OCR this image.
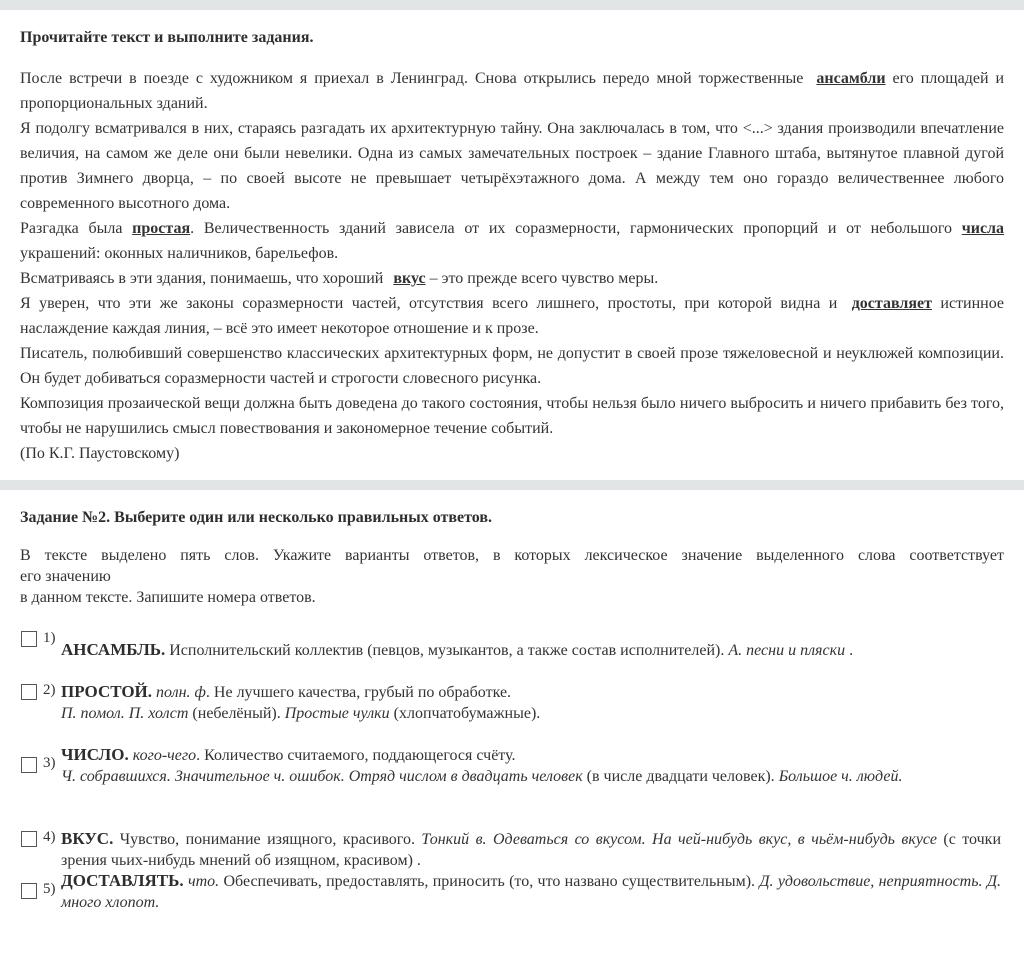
Прочитайте текст и выполните задания.

После встречи в поезде с художником я приехал в Ленинград. Снова открылись передо мной торжественные ансамбли его площадей и пропорциональных зданий.

Я подолгу всматривался в них, стараясь разгадать их архитектурную тайну. Она заключалась в том, что <...> здания производили впечатление величия, на самом же деле они были невелики. Одна из самых замечательных построек – здание Главного штаба, вытянутое плавной дугой против Зимнего дворца, – по своей высоте не превышает четырёхэтажного дома. А между тем оно гораздо величественнее любого современного высотного дома.

Разгадка была простая. Величественность зданий зависела от их соразмерности, гармонических пропорций и от небольшого числа украшений: оконных наличников, барельефов.

Всматриваясь в эти здания, понимаешь, что хороший вкус – это прежде всего чувство меры.

Я уверен, что эти же законы соразмерности частей, отсутствия всего лишнего, простоты, при которой видна и доставляет истинное наслаждение каждая линия, – всё это имеет некоторое отношение и к прозе.

Писатель, полюбивший совершенство классических архитектурных форм, не допустит в своей прозе тяжеловесной и неуклюжей композиции. Он будет добиваться соразмерности частей и строгости словесного рисунка.

Композиция прозаической вещи должна быть доведена до такого состояния, чтобы нельзя было ничего выбросить и ничего прибавить без того, чтобы не нарушились смысл повествования и закономерное течение событий.

(По К.Г. Паустовскому)

Задание №2. Выберите один или несколько правильных ответов.
В тексте выделено пять слов. Укажите варианты ответов, в которых лексическое значение выделенного слова соответствует
его значению
в данном тексте. Запишите номера ответов.
1)
АНСАМБЛЬ. Исполнительский коллектив (певцов, музыкантов, а также состав исполнителей). А. песни и пляски .
2) ПРОСТОЙ. полн. ф. Не лучшего качества, грубый по обработке.
П. помол. П. холст (небелёный). Простые чулки (хлопчатобумажные).
3) ЧИСЛО. кого-чего. Количество считаемого, поддающегося счёту.
Ч. собравшихся. Значительное ч. ошибок. Отряд числом в двадцать человек (в числе двадцати человек). Большое ч. людей.
4) ВКУС. Чувство, понимание изящного, красивого. Тонкий в. Одеваться со вкусом. На чей-нибудь вкус, в чьём-нибудь вкусе (с точки зрения чьих-нибудь мнений об изящном, красивом) .
5) ДОСТАВЛЯТЬ. что. Обеспечивать, предоставлять, приносить (то, что названо существительным). Д. удовольствие, неприятность. Д. много хлопот.
